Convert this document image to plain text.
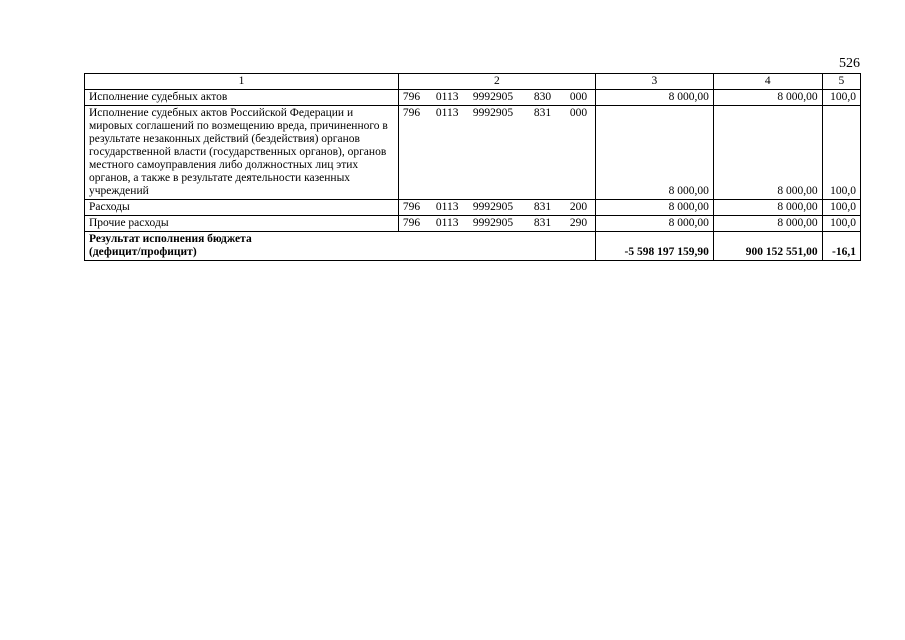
526
1	2	3	4	5
Исполнение судебных актов	796 0113 9992905 830 000	8 000,00	8 000,00	100,0
Исполнение судебных актов Российской Федерации и мировых соглашений по возмещению вреда, причиненного в результате незаконных действий (бездействия) органов государственной власти (государственных органов), органов местного самоуправления либо должностных лиц этих органов, а также в результате деятельности казенных учреждений	796 0113 9992905 831 000	8 000,00	8 000,00	100,0
Расходы	796 0113 9992905 831 200	8 000,00	8 000,00	100,0
Прочие расходы	796 0113 9992905 831 290	8 000,00	8 000,00	100,0

Результат исполнения бюджета
(дефицит/профицит)		-5 598 197 159,90	900 152 551,00	-16,1
